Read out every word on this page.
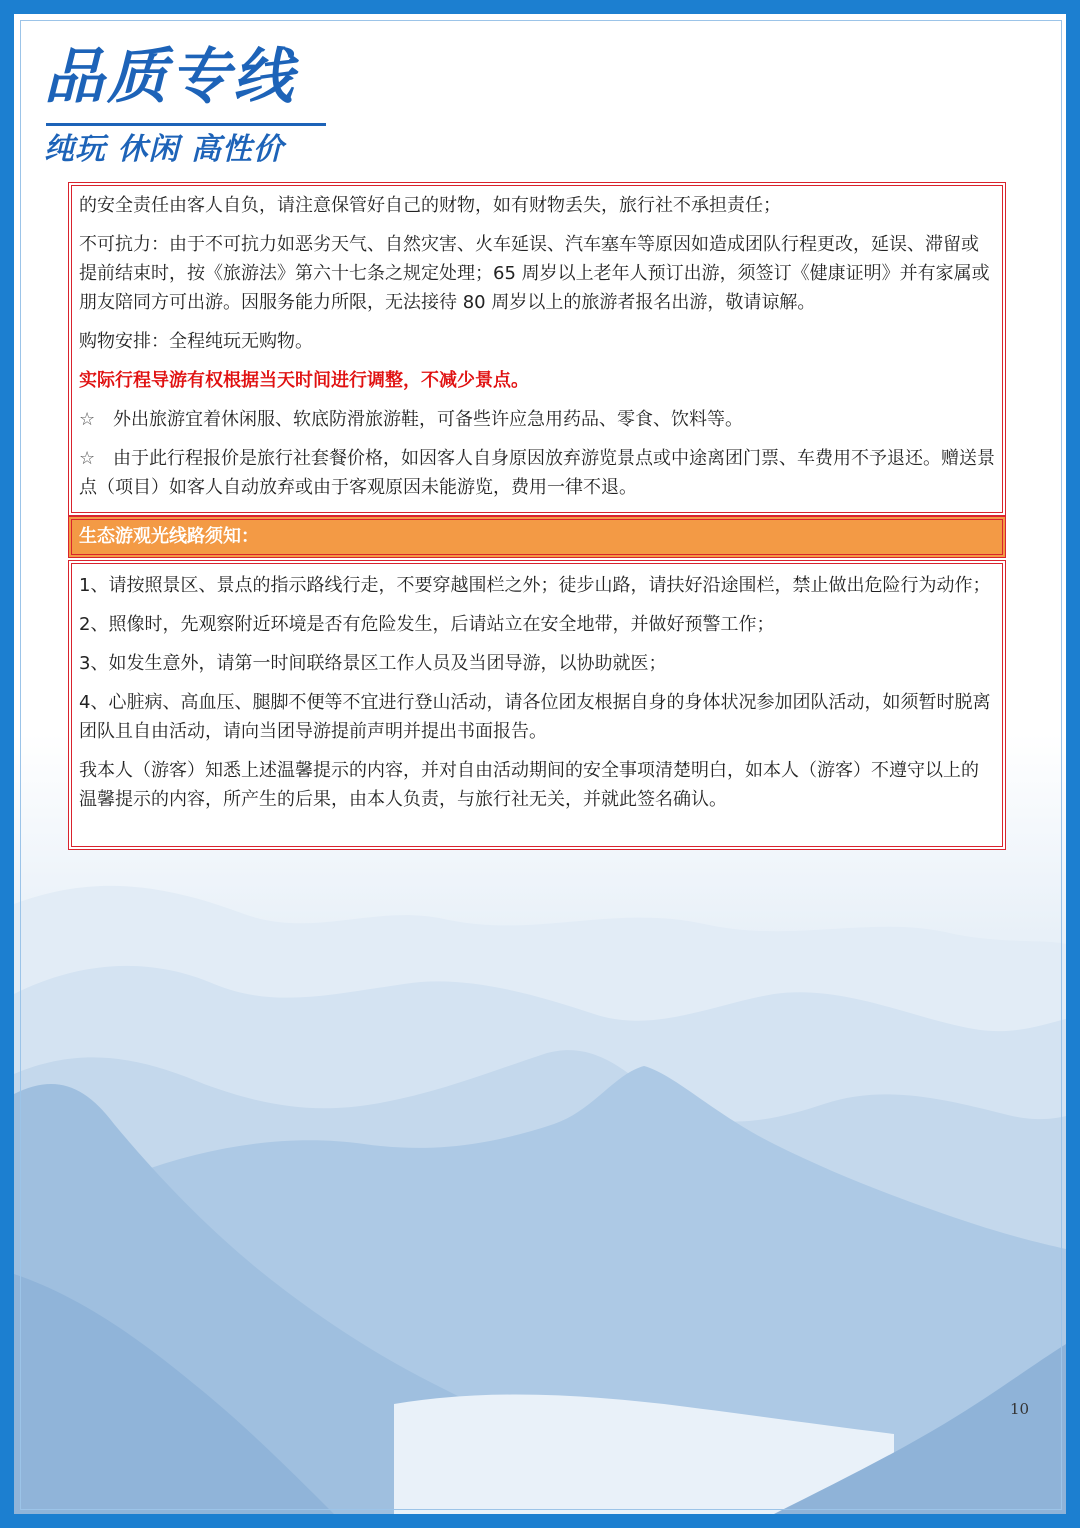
品质专线

纯玩 休闲 高性价

的安全责任由客人自负，请注意保管好自己的财物，如有财物丢失，旅行社不承担责任；

不可抗力：由于不可抗力如恶劣天气、自然灾害、火车延误、汽车塞车等原因如造成团队行程更改，延误、滞留或提前结束时，按《旅游法》第六十七条之规定处理；65 周岁以上老年人预订出游，须签订《健康证明》并有家属或朋友陪同方可出游。因服务能力所限，无法接待 80 周岁以上的旅游者报名出游，敬请谅解。

购物安排：全程纯玩无购物。

实际行程导游有权根据当天时间进行调整，不减少景点。

☆ 外出旅游宜着休闲服、软底防滑旅游鞋，可备些许应急用药品、零食、饮料等。

☆ 由于此行程报价是旅行社套餐价格，如因客人自身原因放弃游览景点或中途离团门票、车费用不予退还。赠送景点（项目）如客人自动放弃或由于客观原因未能游览，费用一律不退。

生态游观光线路须知：

1、请按照景区、景点的指示路线行走，不要穿越围栏之外；徒步山路，请扶好沿途围栏，禁止做出危险行为动作；

2、照像时，先观察附近环境是否有危险发生，后请站立在安全地带，并做好预警工作；

3、如发生意外，请第一时间联络景区工作人员及当团导游，以协助就医；

4、心脏病、高血压、腿脚不便等不宜进行登山活动，请各位团友根据自身的身体状况参加团队活动，如须暂时脱离团队且自由活动，请向当团导游提前声明并提出书面报告。

我本人（游客）知悉上述温馨提示的内容，并对自由活动期间的安全事项清楚明白，如本人（游客）不遵守以上的温馨提示的内容，所产生的后果，由本人负责，与旅行社无关，并就此签名确认。

10
